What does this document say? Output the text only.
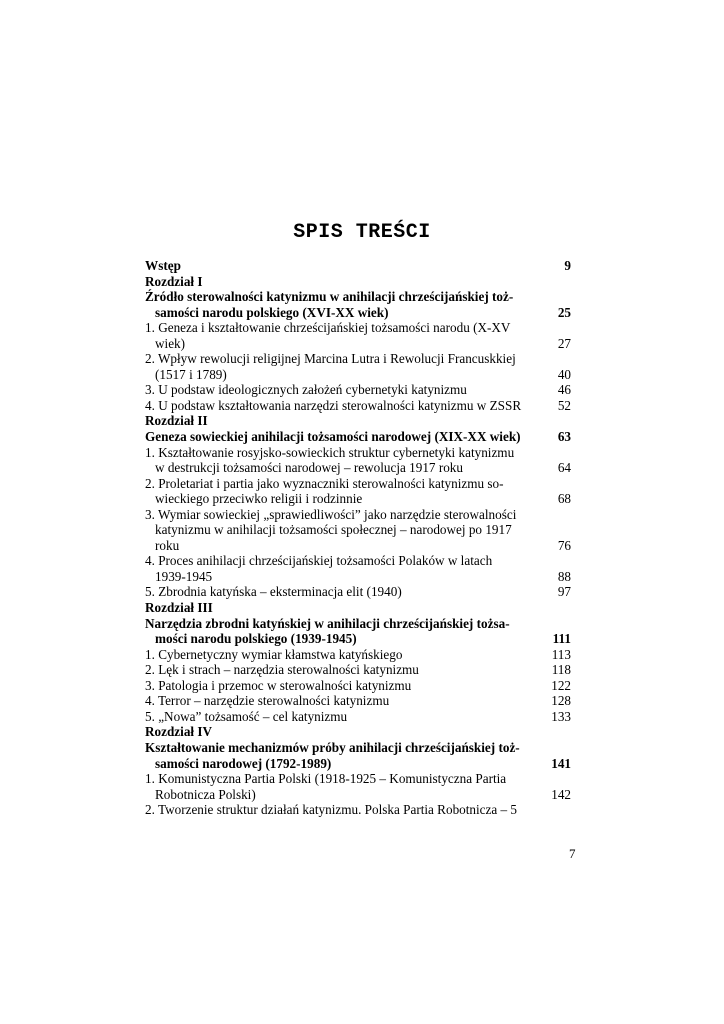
SPIS TREŚCI
Wstęp	9
Rozdział I
Źródło sterowalności katynizmu w anihilacji chrześcijańskiej toż-
samości narodu polskiego (XVI-XX wiek)	25
1. Geneza i kształtowanie chrześcijańskiej tożsamości narodu (X-XV
wiek)	27
2. Wpływ rewolucji religijnej Marcina Lutra i Rewolucji Francuskkiej
(1517 i 1789)	40
3. U podstaw ideologicznych założeń cybernetyki katynizmu	46
4. U podstaw kształtowania narzędzi sterowalności katynizmu w ZSSR	52
Rozdział II
Geneza sowieckiej anihilacji tożsamości narodowej (XIX-XX wiek)	63
1. Kształtowanie rosyjsko-sowieckich struktur cybernetyki katynizmu
w destrukcji tożsamości narodowej – rewolucja 1917 roku	64
2. Proletariat i partia jako wyznaczniki sterowalności katynizmu so-
wieckiego przeciwko religii i rodzinnie	68
3. Wymiar sowieckiej „sprawiedliwości” jako narzędzie sterowalności
katynizmu w anihilacji tożsamości społecznej – narodowej po 1917
roku	76
4. Proces anihilacji chrześcijańskiej tożsamości Polaków w latach
1939-1945	88
5. Zbrodnia katyńska – eksterminacja elit (1940)	97
Rozdział III
Narzędzia zbrodni katyńskiej w anihilacji chrześcijańskiej tożsa-
mości narodu polskiego (1939-1945)	111
1. Cybernetyczny wymiar kłamstwa katyńskiego	113
2. Lęk i strach – narzędzia sterowalności katynizmu	118
3. Patologia i przemoc w sterowalności katynizmu	122
4. Terror – narzędzie sterowalności katynizmu	128
5. „Nowa” tożsamość – cel katynizmu	133
Rozdział IV
Kształtowanie mechanizmów próby anihilacji chrześcijańskiej toż-
samości narodowej (1792-1989)	141
1. Komunistyczna Partia Polski (1918-1925 – Komunistyczna Partia
Robotnicza Polski)	142
2. Tworzenie struktur działań katynizmu. Polska Partia Robotnicza – 5
7
